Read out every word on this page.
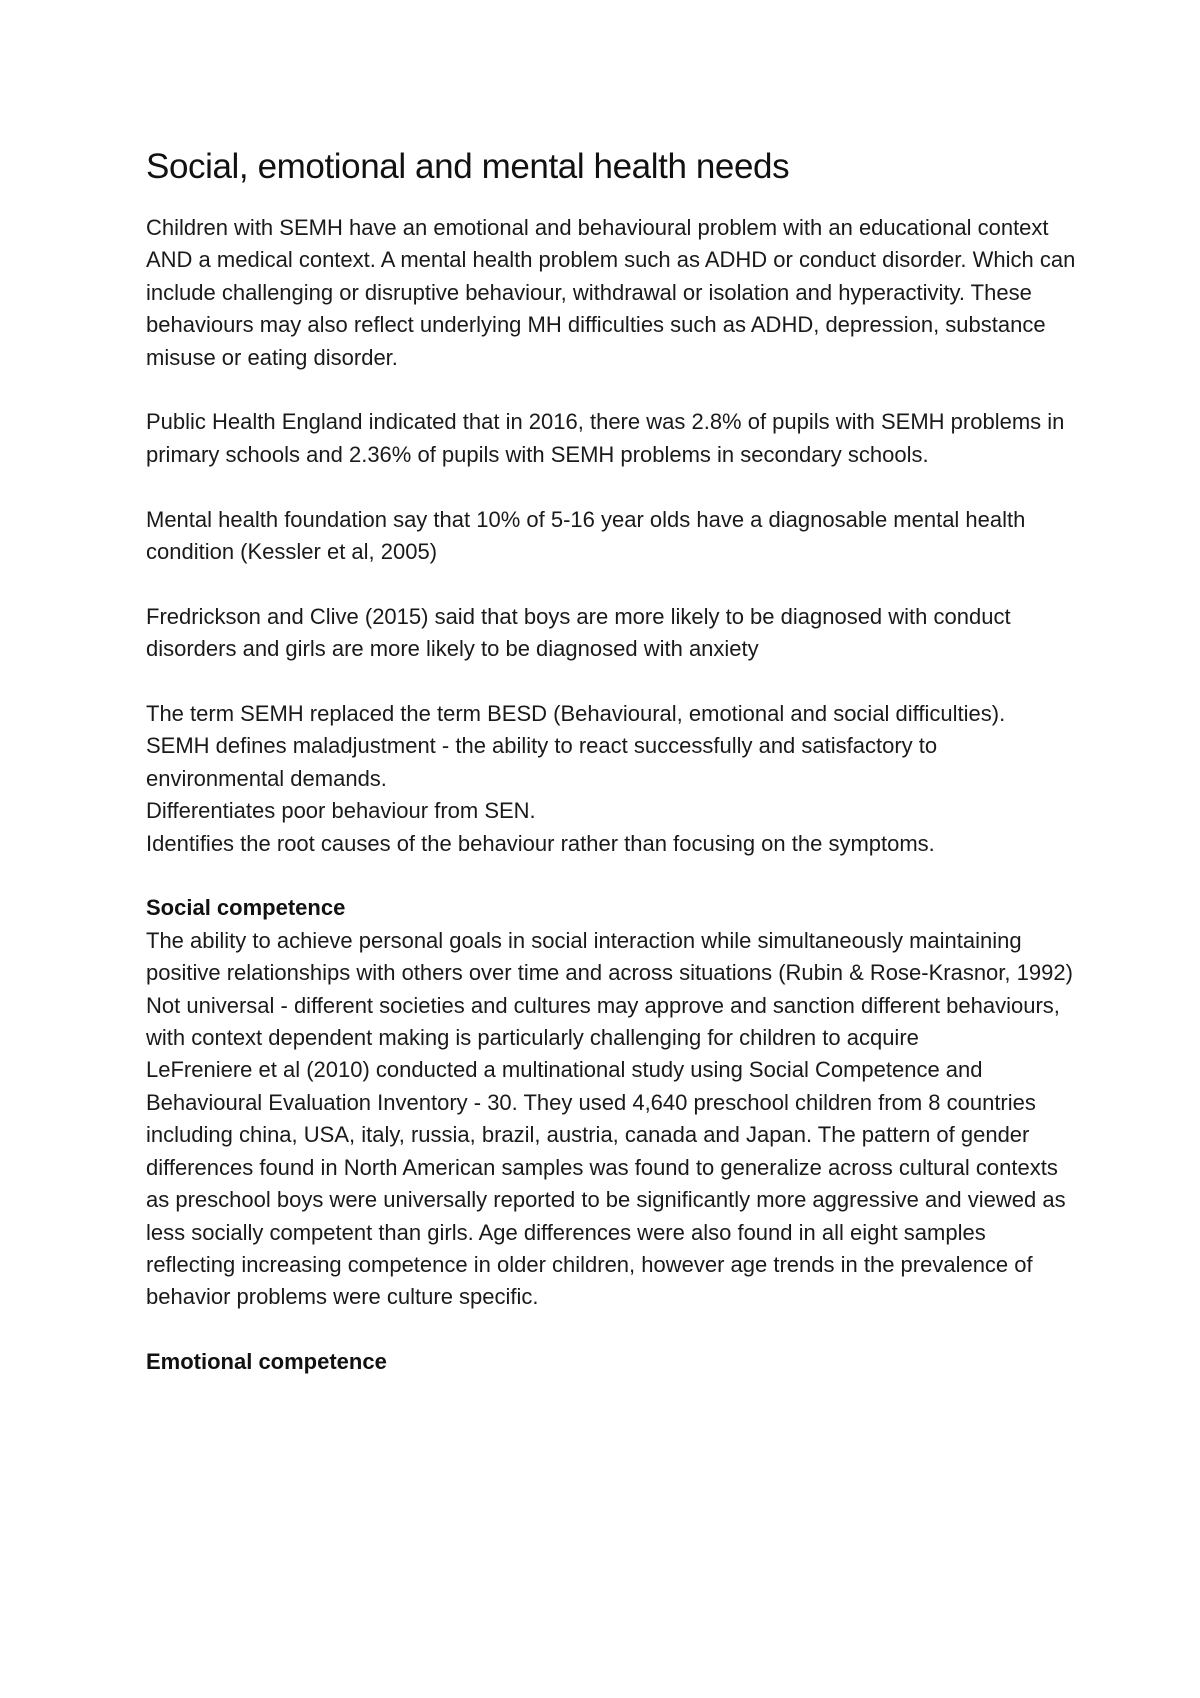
Social, emotional and mental health needs

Children with SEMH have an emotional and behavioural problem with an educational context AND a medical context. A mental health problem such as ADHD or conduct disorder. Which can include challenging or disruptive behaviour, withdrawal or isolation and hyperactivity. These behaviours may also reflect underlying MH difficulties such as ADHD, depression, substance misuse or eating disorder.

Public Health England indicated that in 2016, there was 2.8% of pupils with SEMH problems in primary schools and 2.36% of pupils with SEMH problems in secondary schools.

Mental health foundation say that 10% of 5-16 year olds have a diagnosable mental health condition (Kessler et al, 2005)

Fredrickson and Clive (2015) said that boys are more likely to be diagnosed with conduct disorders and girls are more likely to be diagnosed with anxiety

The term SEMH replaced the term BESD (Behavioural, emotional and social difficulties).

SEMH defines maladjustment - the ability to react successfully and satisfactory to environmental demands.

Differentiates poor behaviour from SEN.

Identifies the root causes of the behaviour rather than focusing on the symptoms.

Social competence

The ability to achieve personal goals in social interaction while simultaneously maintaining positive relationships with others over time and across situations (Rubin & Rose-Krasnor, 1992)

Not universal - different societies and cultures may approve and sanction different behaviours, with context dependent making is particularly challenging for children to acquire

LeFreniere et al (2010) conducted a multinational study using Social Competence and Behavioural Evaluation Inventory - 30. They used 4,640 preschool children from 8 countries including china, USA, italy, russia, brazil, austria, canada and Japan. The pattern of gender differences found in North American samples was found to generalize across cultural contexts as preschool boys were universally reported to be significantly more aggressive and viewed as less socially competent than girls. Age differences were also found in all eight samples reflecting increasing competence in older children, however age trends in the prevalence of behavior problems were culture specific.

Emotional competence
